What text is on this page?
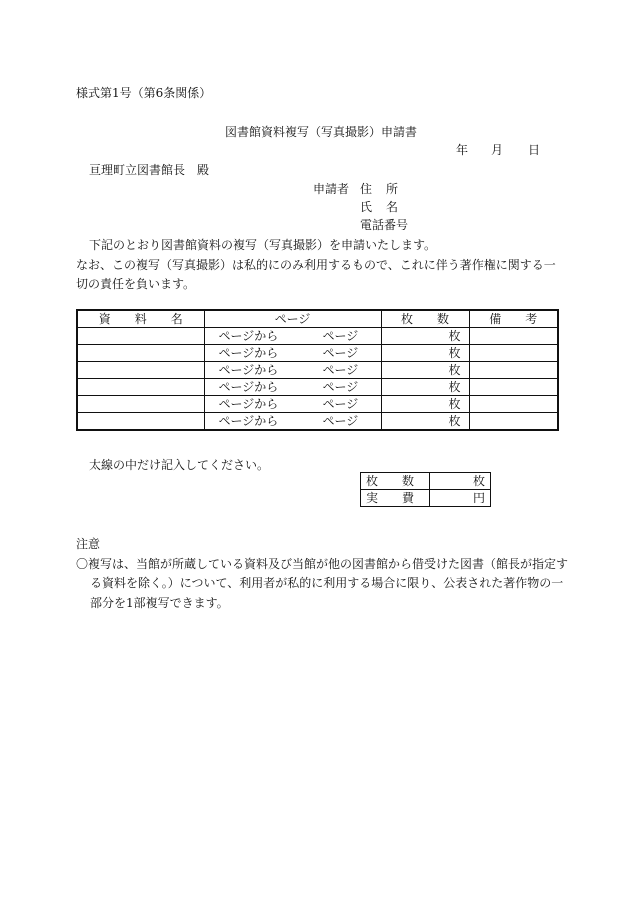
様式第1号（第6条関係）
図書館資料複写（写真撮影）申請書
年 月 日
亘理町立図書館長　殿
申請者 住所
氏名
電話番号
下記のとおり図書館資料の複写（写真撮影）を申請いたします。
なお、この複写（写真撮影）は私的にのみ利用するもので、これに伴う著作権に関する一
切の責任を負います。
資　　料　　名	ページ	枚　　数	備　　考
	ページから ページ	枚	
	ページから ページ	枚	
	ページから ページ	枚	
	ページから ページ	枚	
	ページから ページ	枚	
	ページから ページ	枚	
太線の中だけ記入してください。
枚　　数	枚
実　　費	円
注意
〇複写は、当館が所蔵している資料及び当館が他の図書館から借受けた図書（館長が指定す
る資料を除く。）について、利用者が私的に利用する場合に限り、公表された著作物の一
部分を1部複写できます。
